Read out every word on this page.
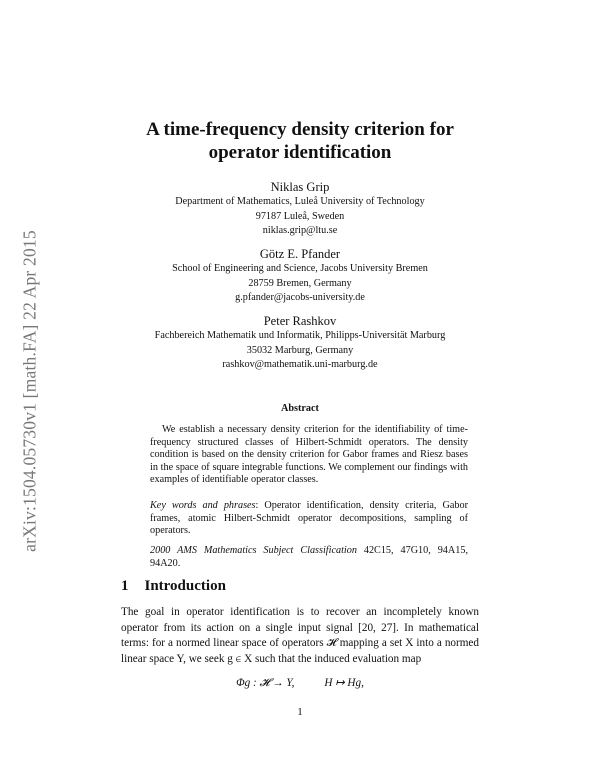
arXiv:1504.05730v1 [math.FA] 22 Apr 2015
A time-frequency density criterion for
operator identification
Niklas Grip
Department of Mathematics, Luleå University of Technology
97187 Luleå, Sweden
niklas.grip@ltu.se
Götz E. Pfander
School of Engineering and Science, Jacobs University Bremen
28759 Bremen, Germany
g.pfander@jacobs-university.de
Peter Rashkov
Fachbereich Mathematik und Informatik, Philipps-Universität Marburg
35032 Marburg, Germany
rashkov@mathematik.uni-marburg.de
Abstract
We establish a necessary density criterion for the identifiability of time-frequency structured classes of Hilbert-Schmidt operators. The density condition is based on the density criterion for Gabor frames and Riesz bases in the space of square integrable functions. We complement our findings with examples of identifiable operator classes.
Key words and phrases: Operator identification, density criteria, Gabor frames, atomic Hilbert-Schmidt operator decompositions, sampling of operators.
2000 AMS Mathematics Subject Classification 42C15, 47G10, 94A15, 94A20.
1 Introduction
The goal in operator identification is to recover an incompletely known operator from its action on a single input signal [20, 27]. In mathematical terms: for a normed linear space of operators 𝓗 mapping a set X into a normed linear space Y, we seek g ∈ X such that the induced evaluation map
Φg : 𝓗 → Y,	H ↦ Hg,
1
